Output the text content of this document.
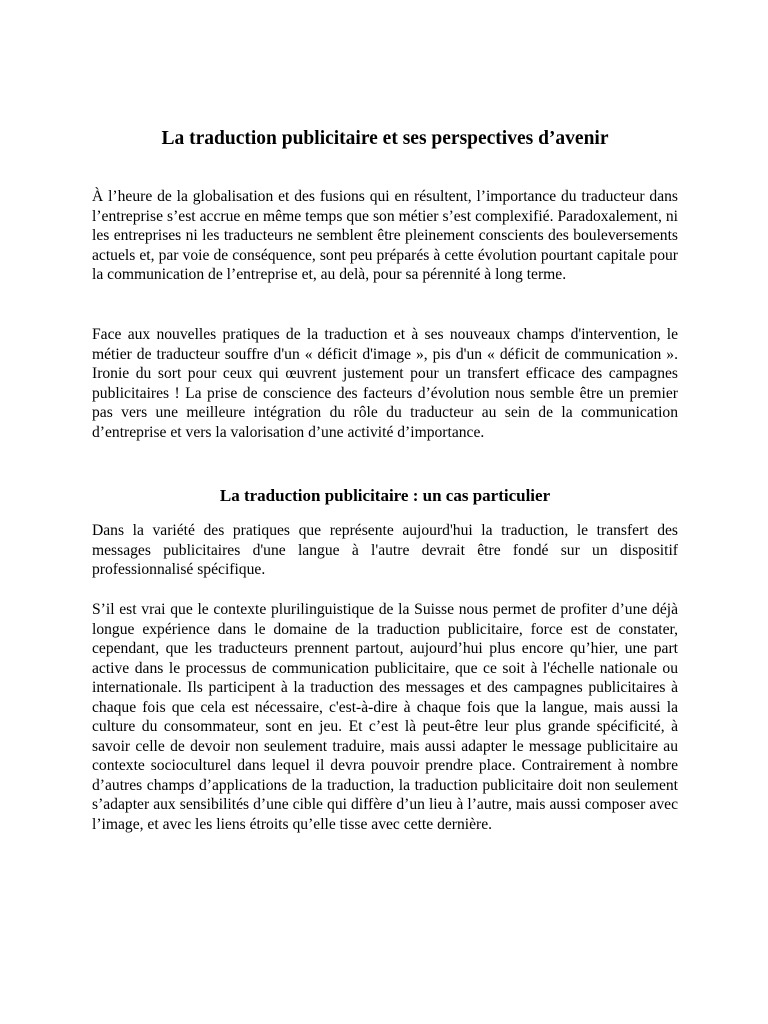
La traduction publicitaire et ses perspectives d’avenir

À l’heure de la globalisation et des fusions qui en résultent, l’importance du traducteur dans l’entreprise s’est accrue en même temps que son métier s’est complexifié. Paradoxalement, ni les entreprises ni les traducteurs ne semblent être pleinement conscients des bouleversements actuels et, par voie de conséquence, sont peu préparés à cette évolution pourtant capitale pour la communication de l’entreprise et, au delà, pour sa pérennité à long terme.

Face aux nouvelles pratiques de la traduction et à ses nouveaux champs d'intervention, le métier de traducteur souffre d'un « déficit d'image », pis d'un « déficit de communication ». Ironie du sort pour ceux qui œuvrent justement pour un transfert efficace des campagnes publicitaires ! La prise de conscience des facteurs d’évolution nous semble être un premier pas vers une meilleure intégration du rôle du traducteur au sein de la communication d’entreprise et vers la valorisation d’une activité d’importance.

La traduction publicitaire : un cas particulier

Dans la variété des pratiques que représente aujourd'hui la traduction, le transfert des messages publicitaires d'une langue à l'autre devrait être fondé sur un dispositif professionnalisé spécifique.

S’il est vrai que le contexte plurilinguistique de la Suisse nous permet de profiter d’une déjà longue expérience dans le domaine de la traduction publicitaire, force est de constater, cependant, que les traducteurs prennent partout, aujourd’hui plus encore qu’hier, une part active dans le processus de communication publicitaire, que ce soit à l'échelle nationale ou internationale. Ils participent à la traduction des messages et des campagnes publicitaires à chaque fois que cela est nécessaire, c'est-à-dire à chaque fois que la langue, mais aussi la culture du consommateur, sont en jeu. Et c’est là peut-être leur plus grande spécificité, à savoir celle de devoir non seulement traduire, mais aussi adapter le message publicitaire au contexte socioculturel dans lequel il devra pouvoir prendre place. Contrairement à nombre d’autres champs d’applications de la traduction, la traduction publicitaire doit non seulement s’adapter aux sensibilités d’une cible qui diffère d’un lieu à l’autre, mais aussi composer avec l’image, et avec les liens étroits qu’elle tisse avec cette dernière.
